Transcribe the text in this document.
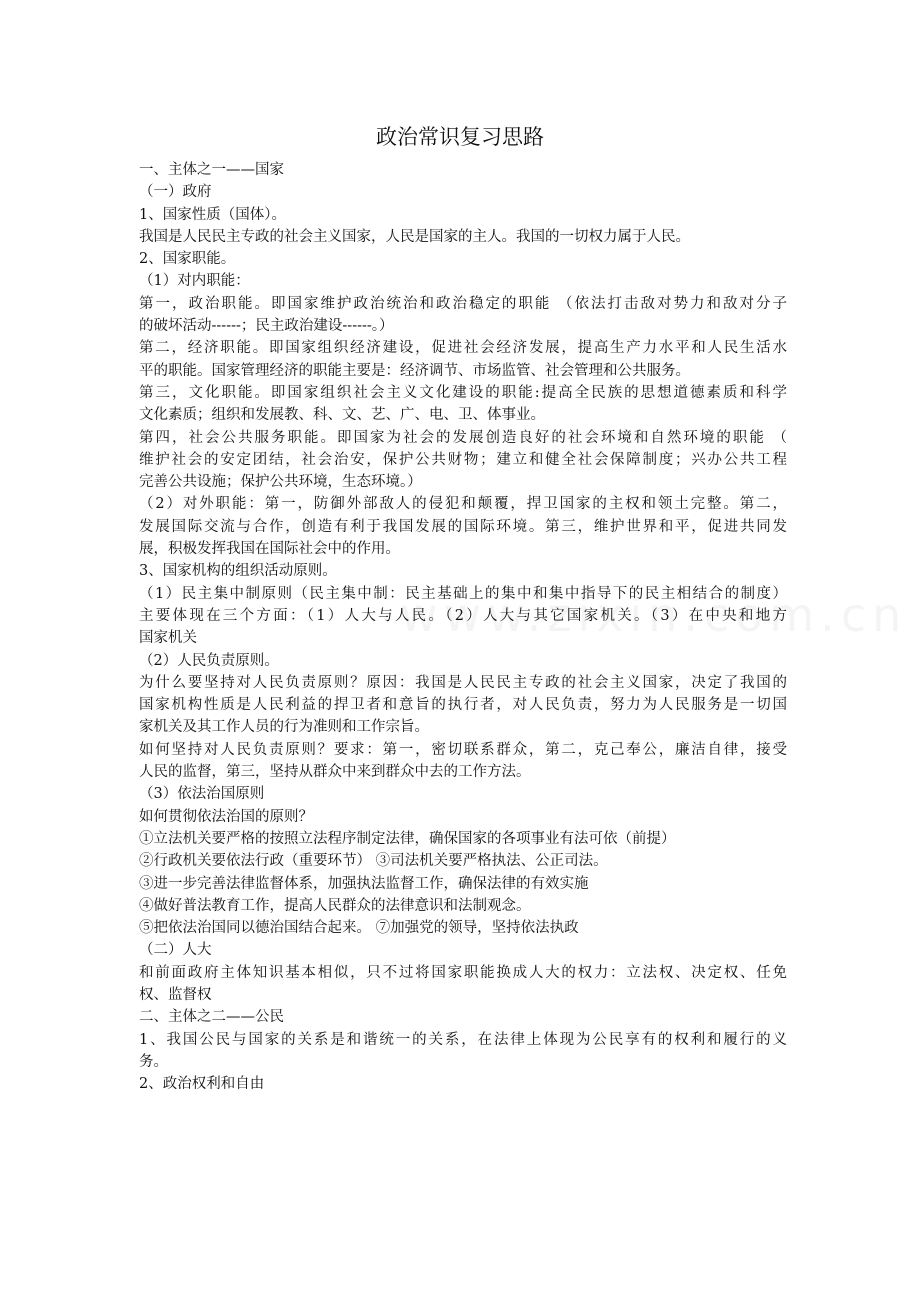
政治常识复习思路
一、主体之一——国家
（一）政府
1、国家性质（国体）。
我国是人民民主专政的社会主义国家，人民是国家的主人。我国的一切权力属于人民。
2、国家职能。
（1）对内职能：
第一，政治职能。即国家维护政治统治和政治稳定的职能 （依法打击敌对势力和敌对分子
的破坏活动------；民主政治建设------。）
第二，经济职能。即国家组织经济建设，促进社会经济发展，提高生产力水平和人民生活水
平的职能。国家管理经济的职能主要是：经济调节、市场监管、社会管理和公共服务。
第三，文化职能。即国家组织社会主义文化建设的职能:提高全民族的思想道德素质和科学
文化素质；组织和发展教、科、文、艺、广、电、卫、体事业。
第四，社会公共服务职能。即国家为社会的发展创造良好的社会环境和自然环境的职能 （
维护社会的安定团结，社会治安，保护公共财物；建立和健全社会保障制度；兴办公共工程
完善公共设施；保护公共环境，生态环境。）
（2）对外职能：第一，防御外部敌人的侵犯和颠覆，捍卫国家的主权和领土完整。第二，
发展国际交流与合作，创造有利于我国发展的国际环境。第三，维护世界和平，促进共同发
展，积极发挥我国在国际社会中的作用。
3、国家机构的组织活动原则。
（1）民主集中制原则（民主集中制：民主基础上的集中和集中指导下的民主相结合的制度）
主要体现在三个方面：（1）人大与人民。（2）人大与其它国家机关。（3）在中央和地方
国家机关
（2）人民负责原则。
为什么要坚持对人民负责原则？原因：我国是人民民主专政的社会主义国家，决定了我国的
国家机构性质是人民利益的捍卫者和意旨的执行者，对人民负责，努力为人民服务是一切国
家机关及其工作人员的行为准则和工作宗旨。
如何坚持对人民负责原则？要求：第一，密切联系群众，第二，克己奉公，廉洁自律，接受
人民的监督，第三，坚持从群众中来到群众中去的工作方法。
（3）依法治国原则
如何贯彻依法治国的原则？
①立法机关要严格的按照立法程序制定法律，确保国家的各项事业有法可依（前提）
②行政机关要依法行政（重要环节） ③司法机关要严格执法、公正司法。
③进一步完善法律监督体系，加强执法监督工作，确保法律的有效实施
④做好普法教育工作，提高人民群众的法律意识和法制观念。
⑤把依法治国同以德治国结合起来。 ⑦加强党的领导，坚持依法执政
（二）人大
和前面政府主体知识基本相似，只不过将国家职能换成人大的权力：立法权、决定权、任免
权、监督权
二、主体之二——公民
1、我国公民与国家的关系是和谐统一的关系，在法律上体现为公民享有的权利和履行的义
务。
2、政治权利和自由
